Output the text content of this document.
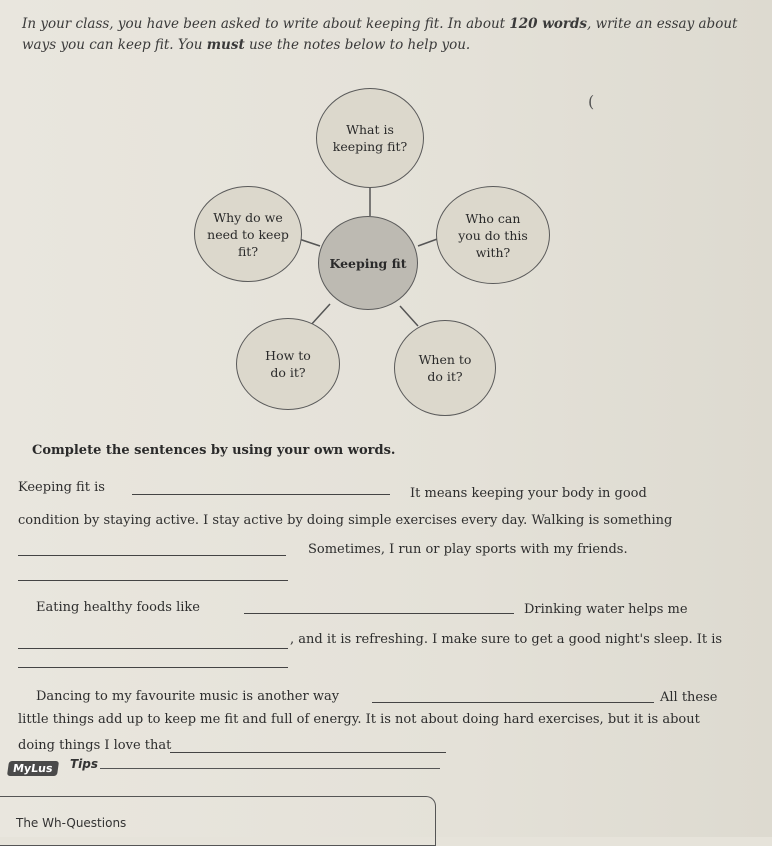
In your class, you have been asked to write about keeping fit. In about 120 words, write an essay about
ways you can keep fit. You must use the notes below to help you.
(
What is
keeping fit?
Why do we
need to keep
fit?
Keeping fit
Who can
you do this
with?
How to
do it?
When to
do it?
Complete the sentences by using your own words.
Keeping fit is	It means keeping your body in good
condition by staying active. I stay active by doing simple exercises every day. Walking is something
Sometimes, I run or play sports with my friends.
Eating healthy foods like	Drinking water helps me
, and it is refreshing. I make sure to get a good night's sleep. It is
Dancing to my favourite music is another way	All these
little things add up to keep me fit and full of energy. It is not about doing hard exercises, but it is about
doing things I love that
MyLus	Tips
The Wh-Questions
